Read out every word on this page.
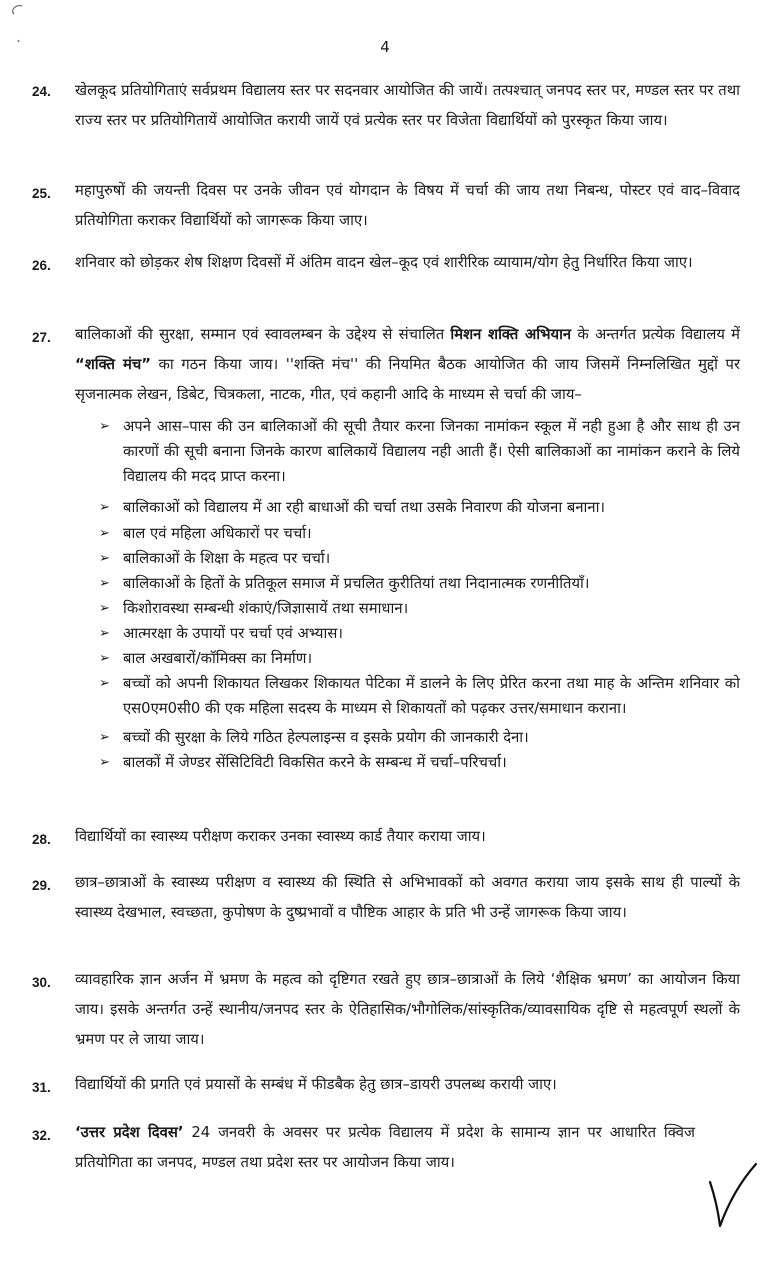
4
24. खेलकूद प्रतियोगिताएं सर्वप्रथम विद्यालय स्तर पर सदनवार आयोजित की जायें। तत्पश्चात् जनपद स्तर पर, मण्डल स्तर पर तथा राज्य स्तर पर प्रतियोगितायें आयोजित करायी जायें एवं प्रत्येक स्तर पर विजेता विद्यार्थियों को पुरस्कृत किया जाय।
25. महापुरुषों की जयन्ती दिवस पर उनके जीवन एवं योगदान के विषय में चर्चा की जाय तथा निबन्ध, पोस्टर एवं वाद–विवाद प्रतियोगिता कराकर विद्यार्थियों को जागरूक किया जाए।
26. शनिवार को छोड़कर शेष शिक्षण दिवसों में अंतिम वादन खेल–कूद एवं शारीरिक व्यायाम/योग हेतु निर्धारित किया जाए।
27. बालिकाओं की सुरक्षा, सम्मान एवं स्वावलम्बन के उद्देश्य से संचालित मिशन शक्ति अभियान के अन्तर्गत प्रत्येक विद्यालय में “शक्ति मंच” का गठन किया जाय। ''शक्ति मंच'' की नियमित बैठक आयोजित की जाय जिसमें निम्नलिखित मुद्दों पर सृजनात्मक लेखन, डिबेट, चित्रकला, नाटक, गीत, एवं कहानी आदि के माध्यम से चर्चा की जाय–
➢ अपने आस–पास की उन बालिकाओं की सूची तैयार करना जिनका नामांकन स्कूल में नही हुआ है और साथ ही उन कारणों की सूची बनाना जिनके कारण बालिकायें विद्यालय नही आती हैं। ऐसी बालिकाओं का नामांकन कराने के लिये विद्यालय की मदद प्राप्त करना।
➢ बालिकाओं को विद्यालय में आ रही बाधाओं की चर्चा तथा उसके निवारण की योजना बनाना।
➢ बाल एवं महिला अधिकारों पर चर्चा।
➢ बालिकाओं के शिक्षा के महत्व पर चर्चा।
➢ बालिकाओं के हितों के प्रतिकूल समाज में प्रचलित कुरीतियां तथा निदानात्मक रणनीतियाँ।
➢ किशोरावस्था सम्बन्धी शंकाएं/जिज्ञासायें तथा समाधान।
➢ आत्मरक्षा के उपायों पर चर्चा एवं अभ्यास।
➢ बाल अखबारों/कॉमिक्स का निर्माण।
➢ बच्चों को अपनी शिकायत लिखकर शिकायत पेटिका में डालने के लिए प्रेरित करना तथा माह के अन्तिम शनिवार को एस0एम0सी0 की एक महिला सदस्य के माध्यम से शिकायतों को पढ़कर उत्तर/समाधान कराना।
➢ बच्चों की सुरक्षा के लिये गठित हेल्पलाइन्स व इसके प्रयोग की जानकारी देना।
➢ बालकों में जेण्डर सेंसिटिविटी विकसित करने के सम्बन्ध में चर्चा–परिचर्चा।
28. विद्यार्थियों का स्वास्थ्य परीक्षण कराकर उनका स्वास्थ्य कार्ड तैयार कराया जाय।
29. छात्र–छात्राओं के स्वास्थ्य परीक्षण व स्वास्थ्य की स्थिति से अभिभावकों को अवगत कराया जाय इसके साथ ही पाल्यों के स्वास्थ्य देखभाल, स्वच्छता, कुपोषण के दुष्प्रभावों व पौष्टिक आहार के प्रति भी उन्हें जागरूक किया जाय।
30. व्यावहारिक ज्ञान अर्जन में भ्रमण के महत्व को दृष्टिगत रखते हुए छात्र–छात्राओं के लिये ‘शैक्षिक भ्रमण’ का आयोजन किया जाय। इसके अन्तर्गत उन्हें स्थानीय/जनपद स्तर के ऐतिहासिक/भौगोलिक/सांस्कृतिक/व्यावसायिक दृष्टि से महत्वपूर्ण स्थलों के भ्रमण पर ले जाया जाय।
31. विद्यार्थियों की प्रगति एवं प्रयासों के सम्बंध में फीडबैक हेतु छात्र–डायरी उपलब्ध करायी जाए।
32. ‘उत्तर प्रदेश दिवस’ 24 जनवरी के अवसर पर प्रत्येक विद्यालय में प्रदेश के सामान्य ज्ञान पर आधारित क्विज प्रतियोगिता का जनपद, मण्डल तथा प्रदेश स्तर पर आयोजन किया जाय।
